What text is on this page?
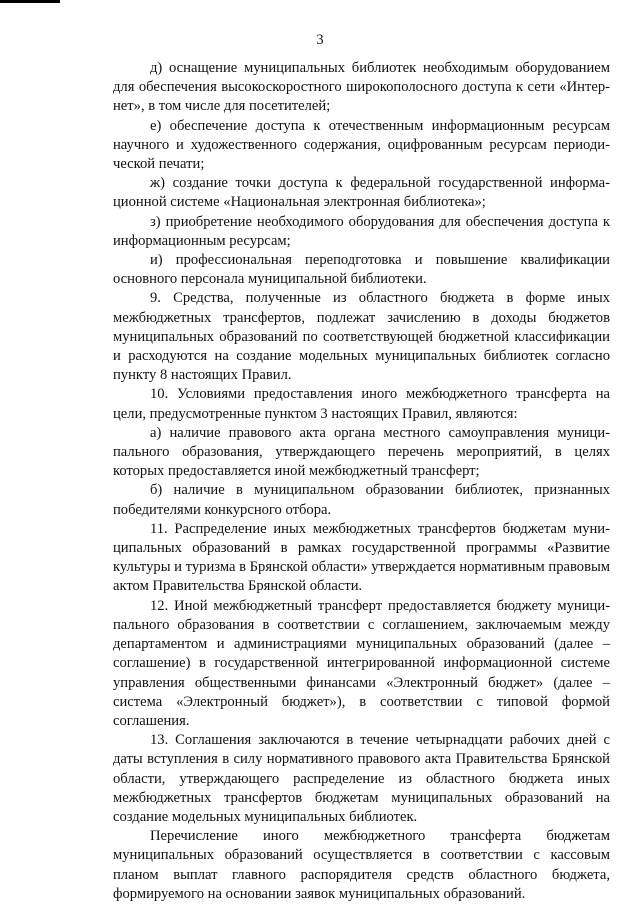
3

д) оснащение муниципальных библиотек необходимым оборудованием для обеспечения высокоскоростного широкополосного доступа к сети «Интернет», в том числе для посетителей;

е) обеспечение доступа к отечественным информационным ресурсам научного и художественного содержания, оцифрованным ресурсам периодической печати;

ж) создание точки доступа к федеральной государственной информационной системе «Национальная электронная библиотека»;

з) приобретение необходимого оборудования для обеспечения доступа к информационным ресурсам;

и) профессиональная переподготовка и повышение квалификации основного персонала муниципальной библиотеки.

9. Средства, полученные из областного бюджета в форме иных межбюджетных трансфертов, подлежат зачислению в доходы бюджетов муниципальных образований по соответствующей бюджетной классификации и расходуются на создание модельных муниципальных библиотек согласно пункту 8 настоящих Правил.

10. Условиями предоставления иного межбюджетного трансферта на цели, предусмотренные пунктом 3 настоящих Правил, являются:

а) наличие правового акта органа местного самоуправления муниципального образования, утверждающего перечень мероприятий, в целях которых предоставляется иной межбюджетный трансферт;

б) наличие в муниципальном образовании библиотек, признанных победителями конкурсного отбора.

11. Распределение иных межбюджетных трансфертов бюджетам муниципальных образований в рамках государственной программы «Развитие культуры и туризма в Брянской области» утверждается нормативным правовым актом Правительства Брянской области.

12. Иной межбюджетный трансферт предоставляется бюджету муниципального образования в соответствии с соглашением, заключаемым между департаментом и администрациями муниципальных образований (далее – соглашение) в государственной интегрированной информационной системе управления общественными финансами «Электронный бюджет» (далее – система «Электронный бюджет»), в соответствии с типовой формой соглашения.

13. Соглашения заключаются в течение четырнадцати рабочих дней с даты вступления в силу нормативного правового акта Правительства Брянской области, утверждающего распределение из областного бюджета иных межбюджетных трансфертов бюджетам муниципальных образований на создание модельных муниципальных библиотек.

Перечисление иного межбюджетного трансферта бюджетам муниципальных образований осуществляется в соответствии с кассовым планом выплат главного распорядителя средств областного бюджета, формируемого на основании заявок муниципальных образований.
